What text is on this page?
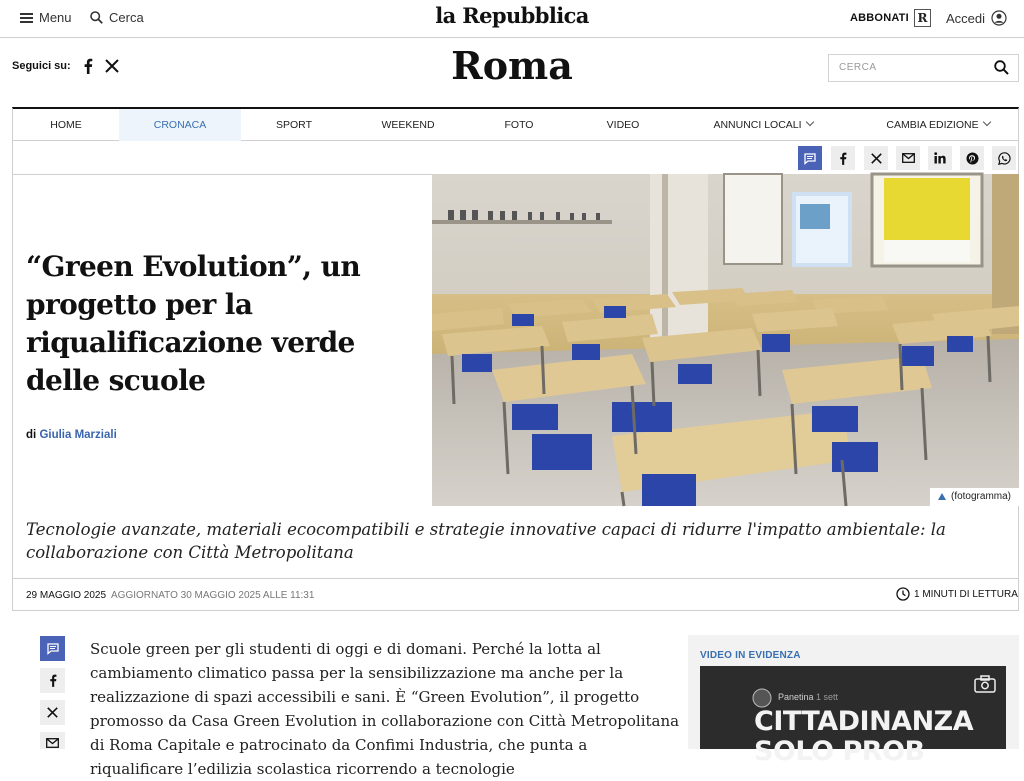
Menu	Cerca	la Repubblica	ABBONATI R Accedi
Seguici su:	Roma	CERCA
HOME	CRONACA	SPORT	WEEKEND	FOTO	VIDEO	ANNUNCI LOCALI	CAMBIA EDIZIONE
“Green Evolution”, un progetto per la riqualificazione verde delle scuole
di Giulia Marziali
(fotogramma)

Tecnologie avanzate, materiali ecocompatibili e strategie innovative capaci di ridurre l'impatto ambientale: la collaborazione con Città Metropolitana

29 MAGGIO 2025 AGGIORNATO 30 MAGGIO 2025 ALLE 11:31	1 MINUTI DI LETTURA

Scuole green per gli studenti di oggi e di domani. Perché la lotta al cambiamento climatico passa per la sensibilizzazione ma anche per la realizzazione di spazi accessibili e sani. È “Green Evolution”, il progetto promosso da Casa Green Evolution in collaborazione con Città Metropolitana di Roma Capitale e patrocinato da Confimi Industria, che punta a riqualificare l’edilizia scolastica ricorrendo a tecnologie

VIDEO IN EVIDENZA
Panetina 1 sett
CITTADINANZA
SOLO PROB
